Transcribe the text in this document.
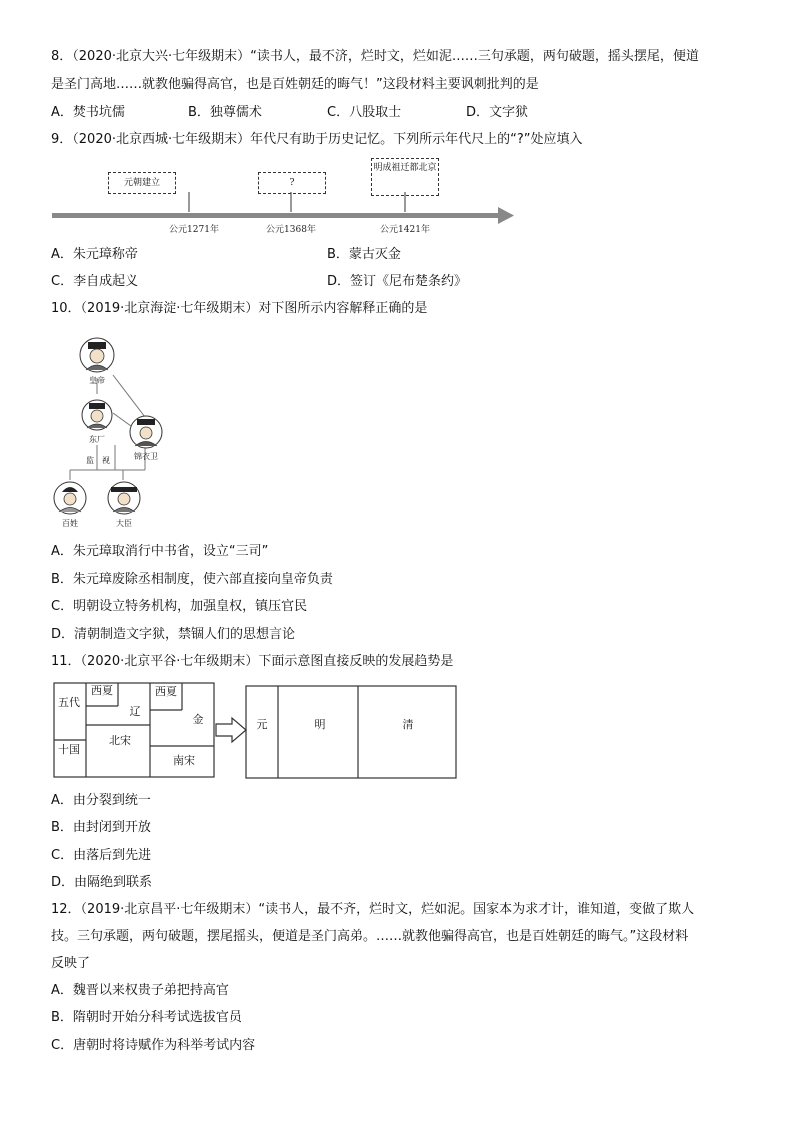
8．（2020·北京大兴·七年级期末）“读书人，最不济，烂时文，烂如泥……三句承题，两句破题，摇头摆尾，便道
是圣门高地……就教他骗得高官，也是百姓朝廷的晦气！”这段材料主要讽刺批判的是
A．焚书坑儒	B．独尊儒术	C．八股取士	D．文字狱
9．（2020·北京西城·七年级期末）年代尺有助于历史记忆。下列所示年代尺上的“?”处应填入
元朝建立	?
明成祖迁都北京
公元1271年	公元1368年	公元1421年
A．朱元璋称帝	B．蒙古灭金
C．李自成起义	D．签订《尼布楚条约》
10．（2019·北京海淀·七年级期末）对下图所示内容解释正确的是
皇帝
东厂
锦衣卫
监　视
百姓	大臣
A．朱元璋取消行中书省，设立“三司”
B．朱元璋废除丞相制度，使六部直接向皇帝负责
C．明朝设立特务机构，加强皇权，镇压官民
D．清朝制造文字狱，禁锢人们的思想言论
11．（2020·北京平谷·七年级期末）下面示意图直接反映的发展趋势是
五代
十国
西夏
辽
西夏
金
北宋
南宋
元	明	清
A．由分裂到统一
B．由封闭到开放
C．由落后到先进
D．由隔绝到联系
12．（2019·北京昌平·七年级期末）“读书人，最不齐，烂时文，烂如泥。国家本为求才计，谁知道，变做了欺人
技。三句承题，两句破题，摆尾摇头，便道是圣门高弟。……就教他骗得高官，也是百姓朝廷的晦气。”这段材料
反映了
A．魏晋以来权贵子弟把持高官
B．隋朝时开始分科考试选拔官员
C．唐朝时将诗赋作为科举考试内容
